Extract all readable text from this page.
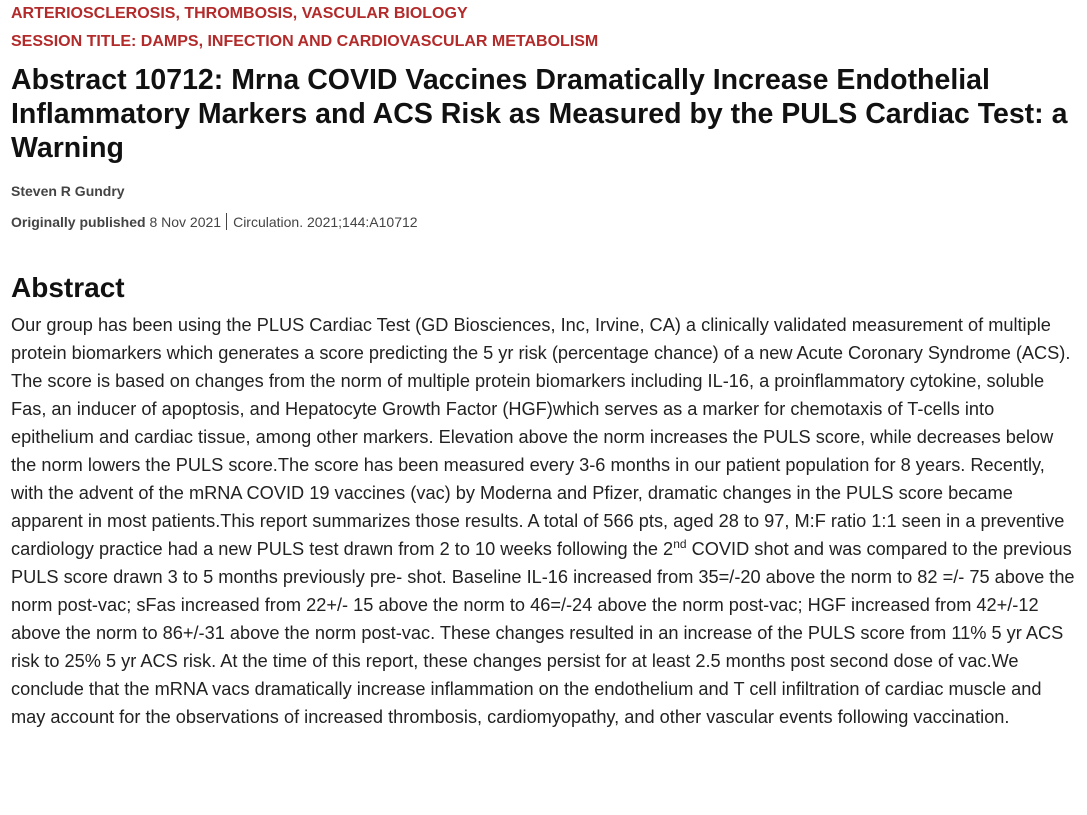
ARTERIOSCLEROSIS, THROMBOSIS, VASCULAR BIOLOGY

SESSION TITLE: DAMPS, INFECTION AND CARDIOVASCULAR METABOLISM

Abstract 10712: Mrna COVID Vaccines Dramatically Increase Endothelial Inflammatory Markers and ACS Risk as Measured by the PULS Cardiac Test: a Warning

Steven R Gundry

Originally published 8 Nov 2021 Circulation. 2021;144:A10712

Abstract

Our group has been using the PLUS Cardiac Test (GD Biosciences, Inc, Irvine, CA) a clinically validated measurement of multiple protein biomarkers which generates a score predicting the 5 yr risk (percentage chance) of a new Acute Coronary Syndrome (ACS). The score is based on changes from the norm of multiple protein biomarkers including IL-16, a proinflammatory cytokine, soluble Fas, an inducer of apoptosis, and Hepatocyte Growth Factor (HGF)which serves as a marker for chemotaxis of T-cells into epithelium and cardiac tissue, among other markers. Elevation above the norm increases the PULS score, while decreases below the norm lowers the PULS score.The score has been measured every 3-6 months in our patient population for 8 years. Recently, with the advent of the mRNA COVID 19 vaccines (vac) by Moderna and Pfizer, dramatic changes in the PULS score became apparent in most patients.This report summarizes those results. A total of 566 pts, aged 28 to 97, M:F ratio 1:1 seen in a preventive cardiology practice had a new PULS test drawn from 2 to 10 weeks following the 2nd COVID shot and was compared to the previous PULS score drawn 3 to 5 months previously pre- shot. Baseline IL-16 increased from 35=/-20 above the norm to 82 =/- 75 above the norm post-vac; sFas increased from 22+/- 15 above the norm to 46=/-24 above the norm post-vac; HGF increased from 42+/-12 above the norm to 86+/-31 above the norm post-vac. These changes resulted in an increase of the PULS score from 11% 5 yr ACS risk to 25% 5 yr ACS risk. At the time of this report, these changes persist for at least 2.5 months post second dose of vac.We conclude that the mRNA vacs dramatically increase inflammation on the endothelium and T cell infiltration of cardiac muscle and may account for the observations of increased thrombosis, cardiomyopathy, and other vascular events following vaccination.
